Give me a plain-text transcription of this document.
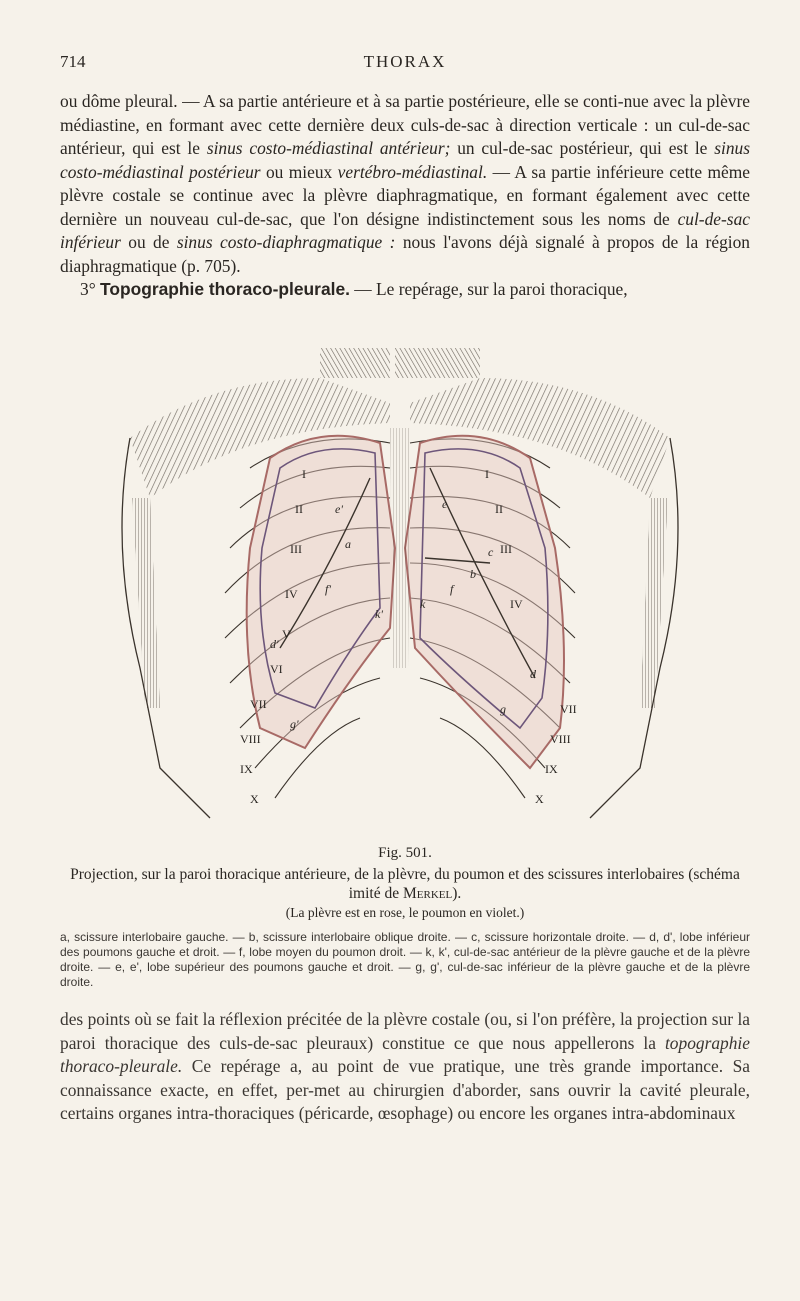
714	THORAX

ou dôme pleural. — A sa partie antérieure et à sa partie postérieure, elle se conti-nue avec la plèvre médiastine, en formant avec cette dernière deux culs-de-sac à direction verticale : un cul-de-sac antérieur, qui est le sinus costo-médiastinal antérieur; un cul-de-sac postérieur, qui est le sinus costo-médiastinal postérieur ou mieux vertébro-médiastinal. — A sa partie inférieure cette même plèvre costale se continue avec la plèvre diaphragmatique, en formant également avec cette dernière un nouveau cul-de-sac, que l'on désigne indistinctement sous les noms de cul-de-sac inférieur ou de sinus costo-diaphragmatique : nous l'avons déjà signalé à propos de la région diaphragmatique (p. 705).

3° Topographie thoraco-pleurale. — Le repérage, sur la paroi thoracique,

I
II
III
IV
V
VI
VII
VIII
IX
X
I
II
III
IV
VII
VIII
IX
X
e'	e
f'	f
a
b
c
k'
k
d'
d
g'
g
Fig. 501.
Projection, sur la paroi thoracique antérieure, de la plèvre, du poumon et des scissures interlobaires (schéma imité de Merkel).
(La plèvre est en rose, le poumon en violet.)
a, scissure interlobaire gauche. — b, scissure interlobaire oblique droite. — c, scissure horizontale droite. — d, d', lobe inférieur des poumons gauche et droit. — f, lobe moyen du poumon droit. — k, k', cul-de-sac antérieur de la plèvre gauche et de la plèvre droite. — e, e', lobe supérieur des poumons gauche et droit. — g, g', cul-de-sac inférieur de la plèvre gauche et de la plèvre droite.

des points où se fait la réflexion précitée de la plèvre costale (ou, si l'on préfère, la projection sur la paroi thoracique des culs-de-sac pleuraux) constitue ce que nous appellerons la topographie thoraco-pleurale. Ce repérage a, au point de vue pratique, une très grande importance. Sa connaissance exacte, en effet, per-met au chirurgien d'aborder, sans ouvrir la cavité pleurale, certains organes intra-thoraciques (péricarde, œsophage) ou encore les organes intra-abdominaux
